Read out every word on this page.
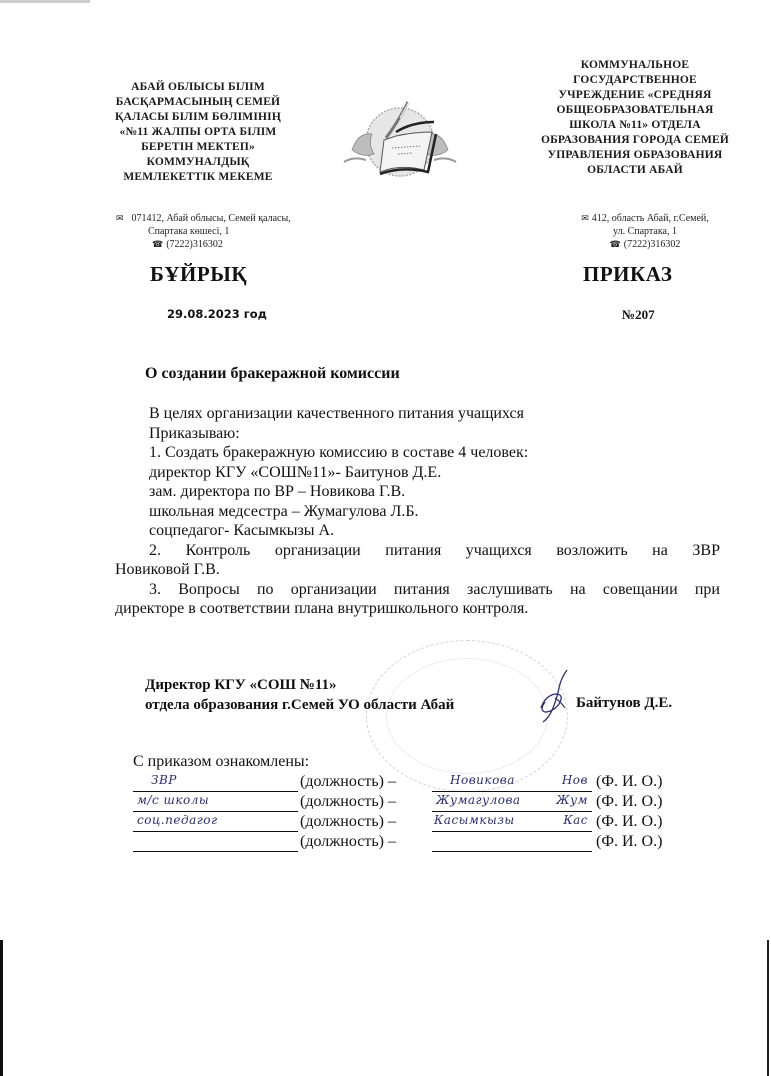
АБАЙ ОБЛЫСЫ БІЛІМ
БАСҚАРМАСЫНЫҢ СЕМЕЙ
ҚАЛАСЫ БІЛІМ БӨЛІМІНІҢ
«№11 ЖАЛПЫ ОРТА БІЛІМ
БЕРЕТІН МЕКТЕП»
КОММУНАЛДЫҚ
МЕМЛЕКЕТТІК МЕКЕМЕ
КОММУНАЛЬНОЕ
ГОСУДАРСТВЕННОЕ
УЧРЕЖДЕНИЕ «СРЕДНЯЯ
ОБЩЕОБРАЗОВАТЕЛЬНАЯ
ШКОЛА №11» ОТДЕЛА
ОБРАЗОВАНИЯ ГОРОДА СЕМЕЙ
УПРАВЛЕНИЯ ОБРАЗОВАНИЯ
ОБЛАСТИ АБАЙ
✉ 071412, Абай облысы, Семей қаласы,
Спартака көшесі, 1
☎ (7222)316302
✉ 412, область Абай, г.Семей,
ул. Спартака, 1
☎ (7222)316302
БҰЙРЫҚ	ПРИКАЗ
29.08.2023 год	№207
О создании бракеражной комиссии
В целях организации качественного питания учащихся
Приказываю:
1. Создать бракеражную комиссию в составе 4 человек:
директор КГУ «СОШ№11»- Баитунов Д.Е.
зам. директора по ВР – Новикова Г.В.
школьная медсестра – Жумагулова Л.Б.
соцпедагог- Касымкызы А.
2. Контроль организации питания учащихся возложить на ЗВР
Новиковой Г.В.
3. Вопросы по организации питания заслушивать на совещании при
директоре в соответствии плана внутришкольного контроля.
Директор КГУ «СОШ №11»
отдела образования г.Семей УО области Абай	Байтунов Д.Е.
С приказом ознакомлены:
ЗВР	(должность) –	Новикова	Нов (Ф. И. О.)
м/с школы	(должность) –	Жумагулова	Жум (Ф. И. О.)
соц.педагог	(должность) –	Касымкызы	Кас (Ф. И. О.)
(должность) –	(Ф. И. О.)
